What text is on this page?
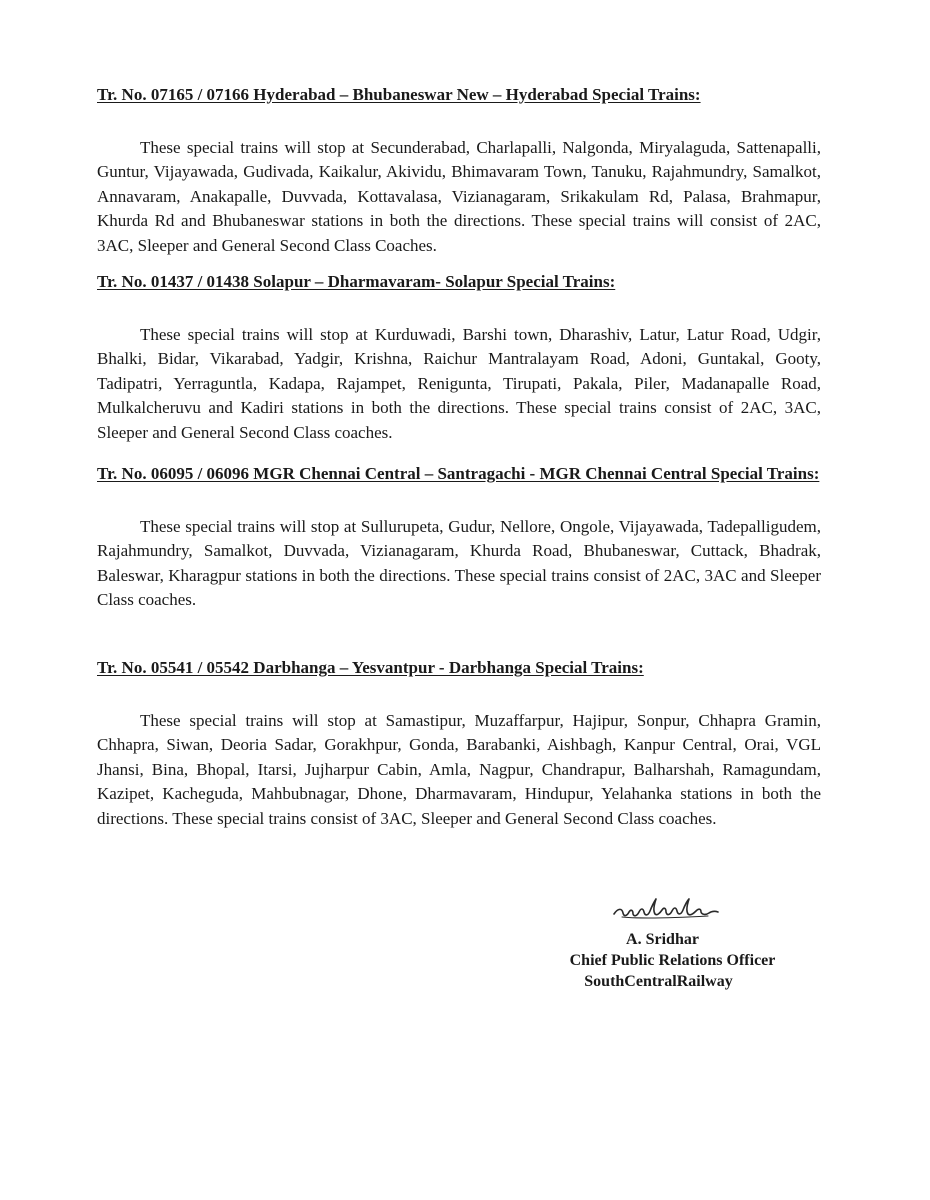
Tr. No. 07165 / 07166 Hyderabad – Bhubaneswar New – Hyderabad Special Trains:

These special trains will stop at Secunderabad, Charlapalli, Nalgonda, Miryalaguda, Sattenapalli, Guntur, Vijayawada, Gudivada, Kaikalur, Akividu, Bhimavaram Town, Tanuku, Rajahmundry, Samalkot, Annavaram, Anakapalle, Duvvada, Kottavalasa, Vizianagaram, Srikakulam Rd, Palasa, Brahmapur, Khurda Rd and Bhubaneswar stations in both the directions. These special trains will consist of 2AC, 3AC, Sleeper and General Second Class Coaches.

Tr. No. 01437 / 01438 Solapur – Dharmavaram- Solapur Special Trains:

These special trains will stop at Kurduwadi, Barshi town, Dharashiv, Latur, Latur Road, Udgir, Bhalki, Bidar, Vikarabad, Yadgir, Krishna, Raichur Mantralayam Road, Adoni, Guntakal, Gooty, Tadipatri, Yerraguntla, Kadapa, Rajampet, Renigunta, Tirupati, Pakala, Piler, Madanapalle Road, Mulkalcheruvu and Kadiri stations in both the directions. These special trains consist of 2AC, 3AC, Sleeper and General Second Class coaches.

Tr. No. 06095 / 06096 MGR Chennai Central – Santragachi - MGR Chennai Central Special Trains:

These special trains will stop at Sullurupeta, Gudur, Nellore, Ongole, Vijayawada, Tadepalligudem, Rajahmundry, Samalkot, Duvvada, Vizianagaram, Khurda Road, Bhubaneswar, Cuttack, Bhadrak, Baleswar, Kharagpur stations in both the directions. These special trains consist of 2AC, 3AC and Sleeper Class coaches.

Tr. No. 05541 / 05542 Darbhanga – Yesvantpur - Darbhanga Special Trains:

These special trains will stop at Samastipur, Muzaffarpur, Hajipur, Sonpur, Chhapra Gramin, Chhapra, Siwan, Deoria Sadar, Gorakhpur, Gonda, Barabanki, Aishbagh, Kanpur Central, Orai, VGL Jhansi, Bina, Bhopal, Itarsi, Jujharpur Cabin, Amla, Nagpur, Chandrapur, Balharshah, Ramagundam, Kazipet, Kacheguda, Mahbubnagar, Dhone, Dharmavaram, Hindupur, Yelahanka stations in both the directions. These special trains consist of 3AC, Sleeper and General Second Class coaches.

A. Sridhar
Chief Public Relations Officer
SouthCentralRailway
